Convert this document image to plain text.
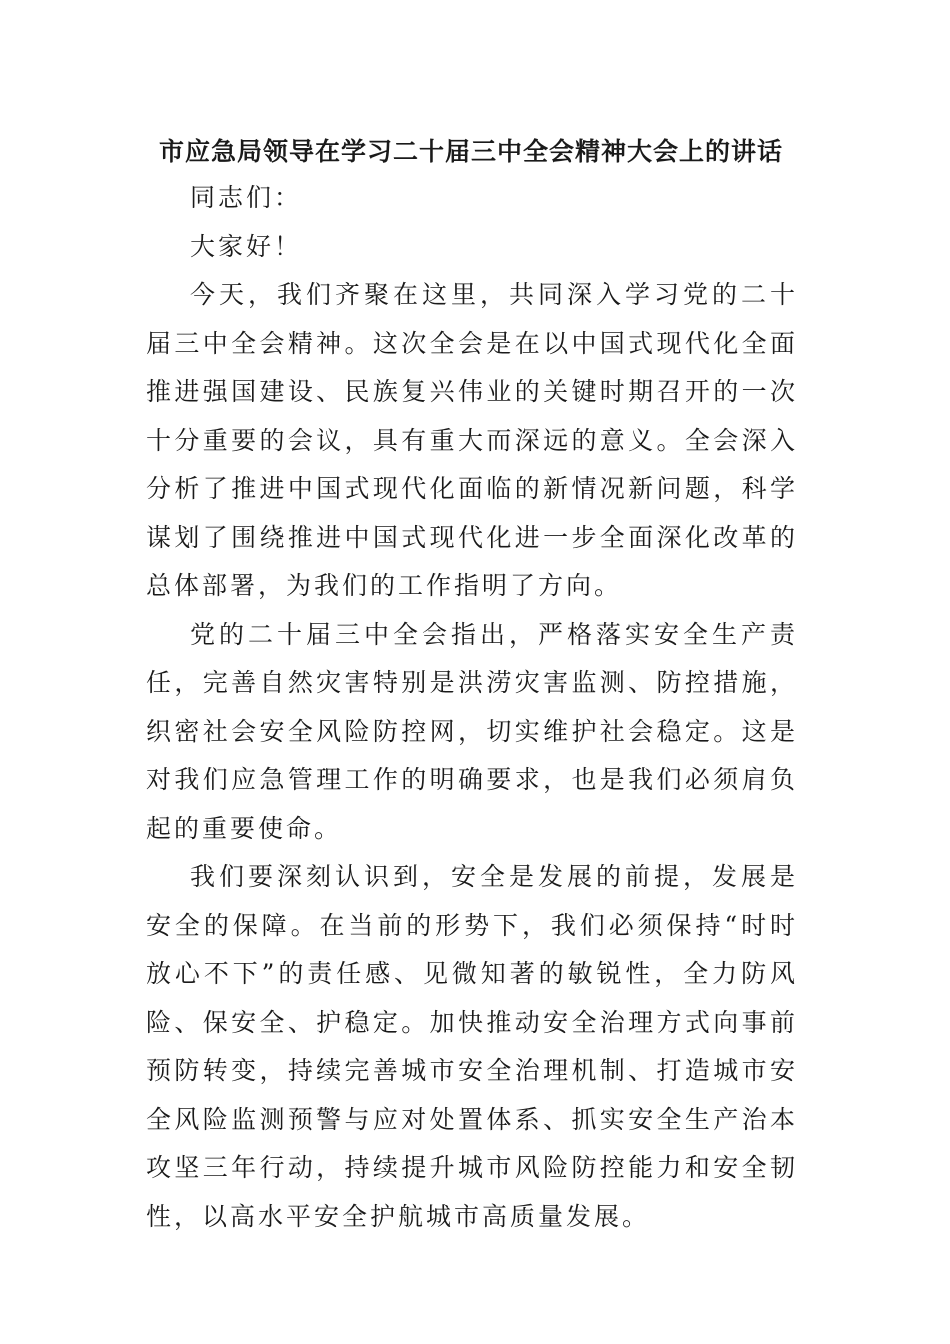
市应急局领导在学习二十届三中全会精神大会上的讲话

同志们：

大家好！

今天，我们齐聚在这里，共同深入学习党的二十届三中全会精神。这次全会是在以中国式现代化全面推进强国建设、民族复兴伟业的关键时期召开的一次十分重要的会议，具有重大而深远的意义。全会深入分析了推进中国式现代化面临的新情况新问题，科学谋划了围绕推进中国式现代化进一步全面深化改革的总体部署，为我们的工作指明了方向。

党的二十届三中全会指出，严格落实安全生产责任，完善自然灾害特别是洪涝灾害监测、防控措施，织密社会安全风险防控网，切实维护社会稳定。这是对我们应急管理工作的明确要求，也是我们必须肩负起的重要使命。

我们要深刻认识到，安全是发展的前提，发展是安全的保障。在当前的形势下，我们必须保持“时时放心不下”的责任感、见微知著的敏锐性，全力防风险、保安全、护稳定。加快推动安全治理方式向事前预防转变，持续完善城市安全治理机制、打造城市安全风险监测预警与应对处置体系、抓实安全生产治本攻坚三年行动，持续提升城市风险防控能力和安全韧性，以高水平安全护航城市高质量发展。
